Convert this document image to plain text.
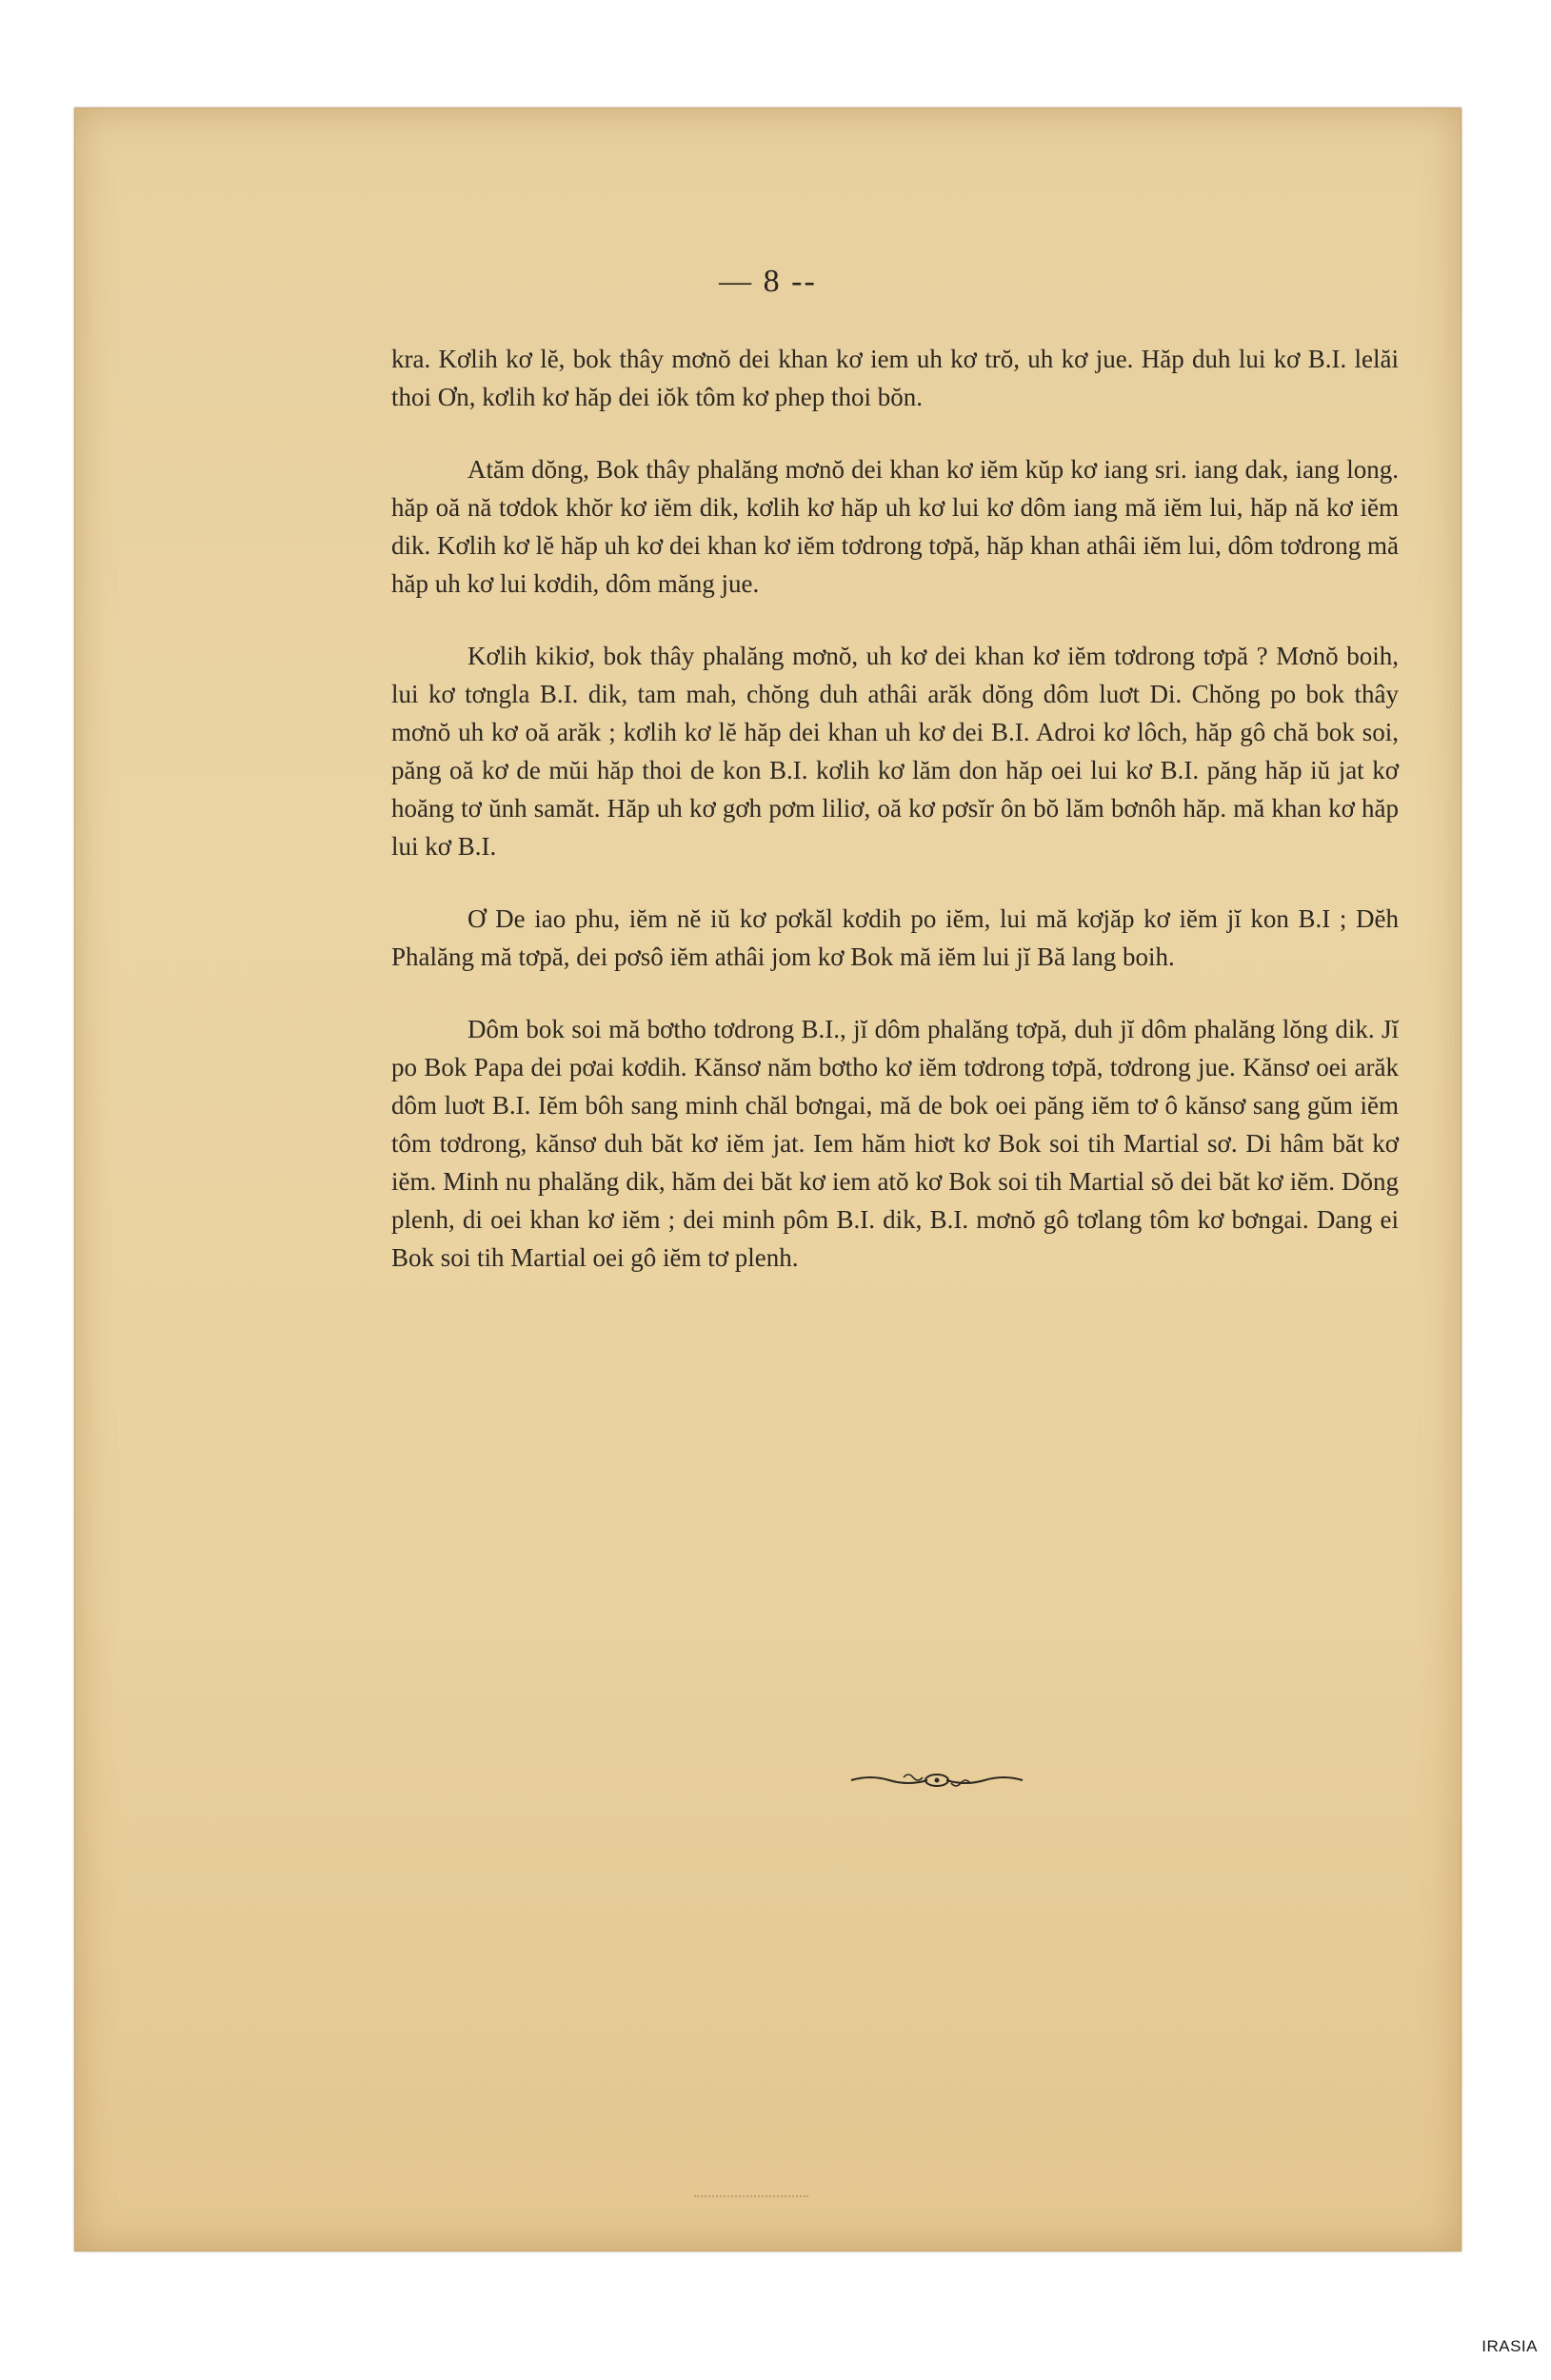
— 8 --

kra. Kơlih kơ lĕ, bok thây mơnŏ dei khan kơ iem uh kơ trŏ, uh kơ jue. Hăp duh lui kơ B.I. lelăi thoi Ơn, kơlih kơ hăp dei iŏk tôm kơ phep thoi bŏn.

Atăm dŏng, Bok thây phalăng mơnŏ dei khan kơ iĕm kŭp kơ iang sri. iang dak, iang long. hăp oă nă tơdok khŏr kơ iĕm dik, kơlih kơ hăp uh kơ lui kơ dôm iang mă iĕm lui, hăp nă kơ iĕm dik. Kơlih kơ lĕ hăp uh kơ dei khan kơ iĕm tơdrong tơpă, hăp khan athâi iĕm lui, dôm tơdrong mă hăp uh kơ lui kơdih, dôm măng jue.

Kơlih kikiơ, bok thây phalăng mơnŏ, uh kơ dei khan kơ iĕm tơdrong tơpă ? Mơnŏ boih, lui kơ tơngla B.I. dik, tam mah, chŏng duh athâi arăk dŏng dôm luơt Di. Chŏng po bok thây mơnŏ uh kơ oă arăk ; kơlih kơ lĕ hăp dei khan uh kơ dei B.I. Adroi kơ lôch, hăp gô chă bok soi, păng oă kơ de mŭi hăp thoi de kon B.I. kơlih kơ lăm don hăp oei lui kơ B.I. păng hăp iŭ jat kơ hoăng tơ ŭnh samăt. Hăp uh kơ gơh pơm liliơ, oă kơ pơsĭr ôn bŏ lăm bơnôh hăp. mă khan kơ hăp lui kơ B.I.

Ơ De iao phu, iĕm nĕ iŭ kơ pơkăl kơdih po iĕm, lui mă kơjăp kơ iĕm jĭ kon B.I ; Dĕh Phalăng mă tơpă, dei pơsô iĕm athâi jom kơ Bok mă iĕm lui jĭ Bă lang boih.

Dôm bok soi mă bơtho tơdrong B.I., jĭ dôm phalăng tơpă, duh jĭ dôm phalăng lŏng dik. Jĭ po Bok Papa dei pơai kơdih. Kănsơ năm bơtho kơ iĕm tơdrong tơpă, tơdrong jue. Kănsơ oei arăk dôm luơt B.I. Iĕm bôh sang minh chăl bơngai, mă de bok oei păng iĕm tơ ô kănsơ sang gŭm iĕm tôm tơdrong, kănsơ duh băt kơ iĕm jat. Iem hăm hiơt kơ Bok soi tih Martial sơ. Di hâm băt kơ iĕm. Minh nu phalăng dik, hăm dei băt kơ iem atŏ kơ Bok soi tih Martial sŏ dei băt kơ iĕm. Dŏng plenh, di oei khan kơ iĕm ; dei minh pôm B.I. dik, B.I. mơnŏ gô tơlang tôm kơ bơngai. Dang ei Bok soi tih Martial oei gô iĕm tơ plenh.

IRASIA
